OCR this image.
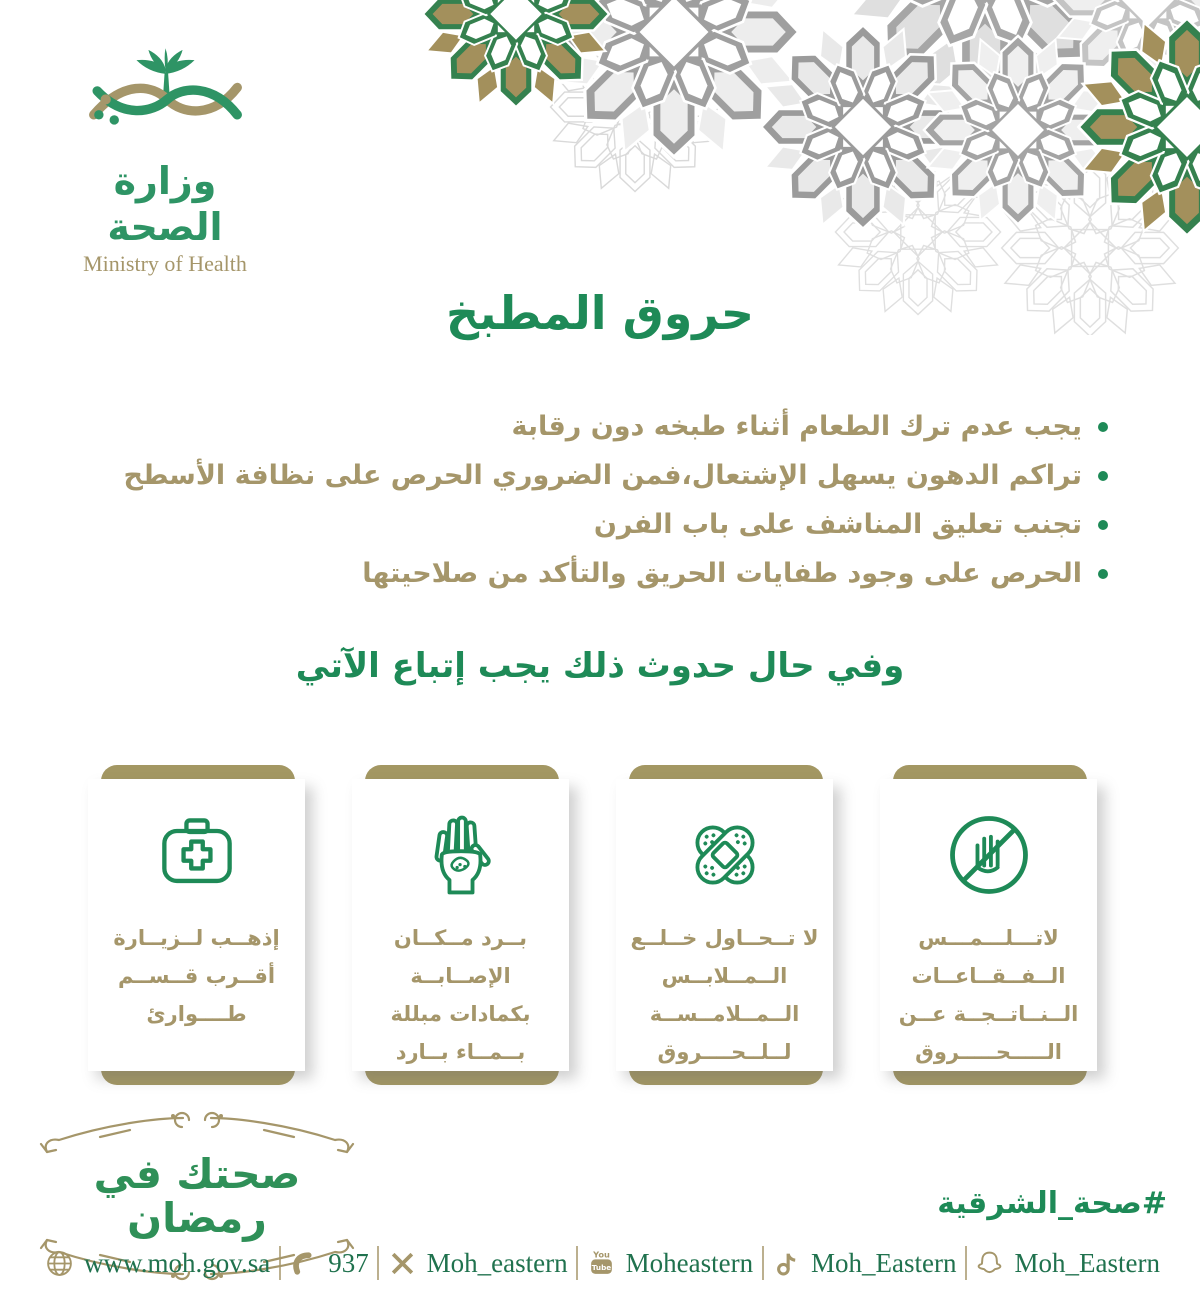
وزارة الصحة
Ministry of Health
حروق المطبخ
يجب عدم ترك الطعام أثناء طبخه دون رقابة
تراكم الدهون يسهل الإشتعال،فمن الضروري الحرص على نظافة الأسطح
تجنب تعليق المناشف على باب الفرن
الحرص على وجود طفايات الحريق والتأكد من صلاحيتها
وفي حال حدوث ذلك يجب إتباع الآتي
لاتـــلـــمـــس
الــفــقــاعــات
الــنــاتــجــة عــن
الـــــحـــــروق
لا تــحــاول خــلــع
الــمــلابــس
الــمــلامــســة
لــلــحــــروق
بــرد مــكــان
الإصــابــة
بكمادات مبللة
بــمــاء بــارد
إذهــب لــزيــارة
أقــرب قــســم
طــــوارئ
صحتك في رمضان	#صحة_الشرقية
www.moh.gov.sa 937 Moh_eastern	You
Tube Moheastern Moh_Eastern Moh_Eastern
